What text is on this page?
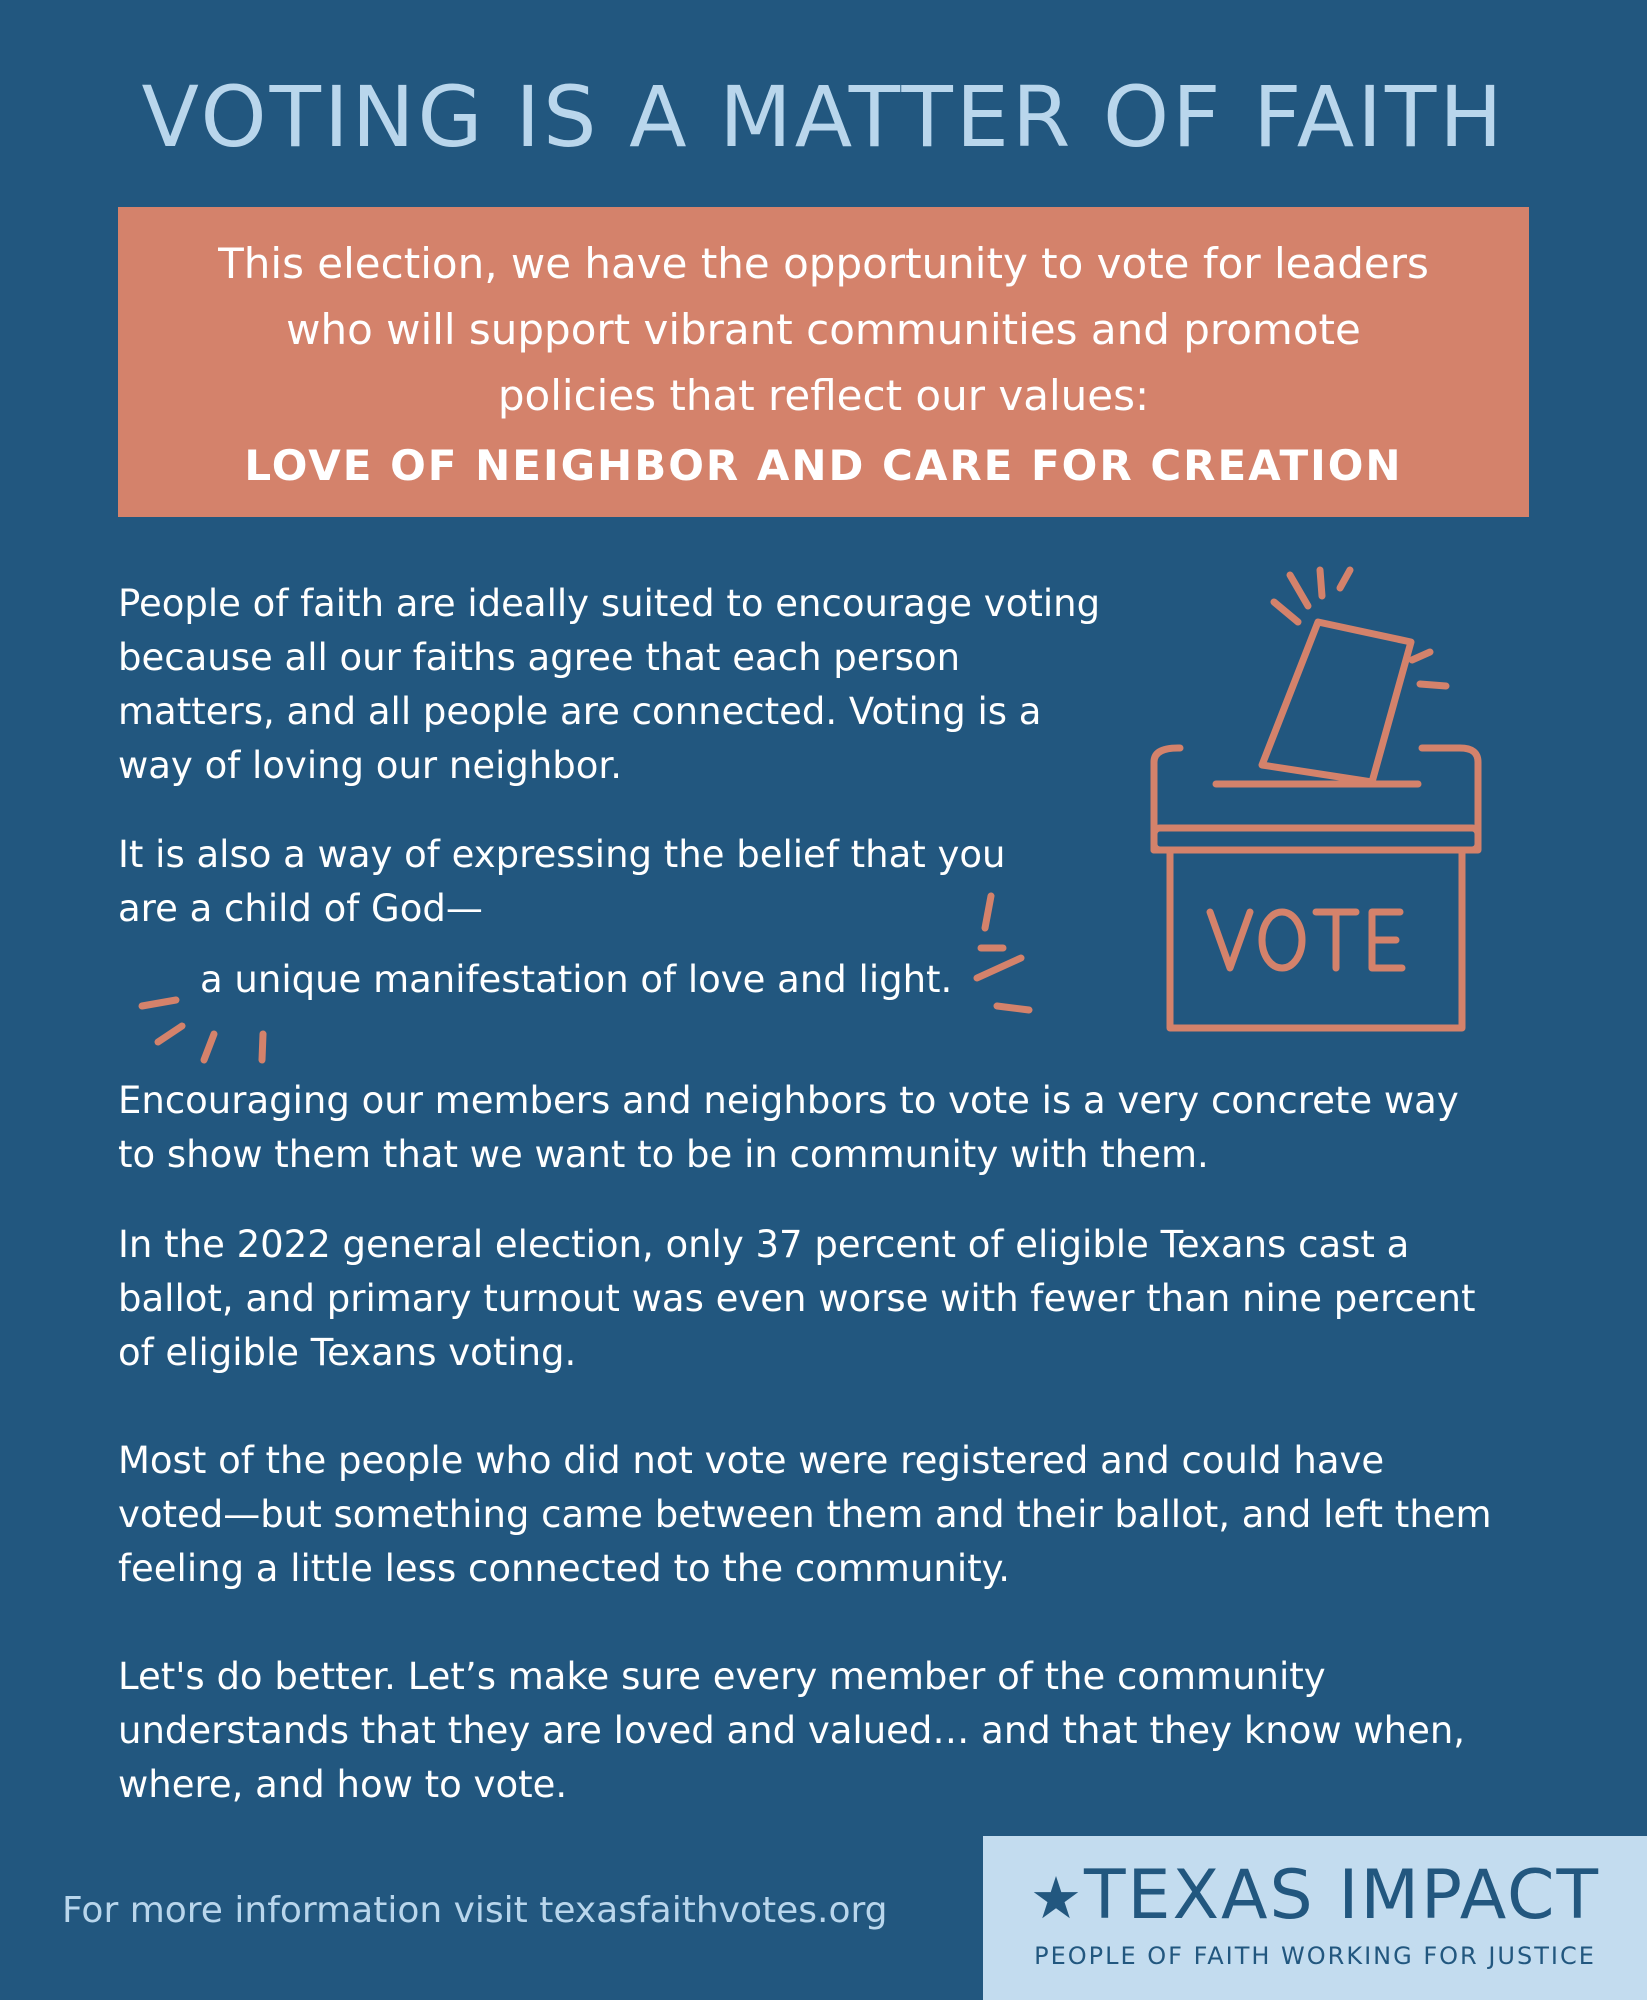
VOTING IS A MATTER OF FAITH
This election, we have the opportunity to vote for leaders
who will support vibrant communities and promote
policies that reflect our values:
LOVE OF NEIGHBOR AND CARE FOR CREATION
People of faith are ideally suited to encourage voting
because all our faiths agree that each person
matters, and all people are connected. Voting is a
way of loving our neighbor.
It is also a way of expressing the belief that you
are a child of God—
a unique manifestation of love and light.
Encouraging our members and neighbors to vote is a very concrete way
to show them that we want to be in community with them.
In the 2022 general election, only 37 percent of eligible Texans cast a
ballot, and primary turnout was even worse with fewer than nine percent
of eligible Texans voting.
Most of the people who did not vote were registered and could have
voted—but something came between them and their ballot, and left them
feeling a little less connected to the community.
Let's do better. Let’s make sure every member of the community
understands that they are loved and valued… and that they know when,
where, and how to vote.
For more information visit texasfaithvotes.org	★TEXAS IMPACT
PEOPLE OF FAITH WORKING FOR JUSTICE
